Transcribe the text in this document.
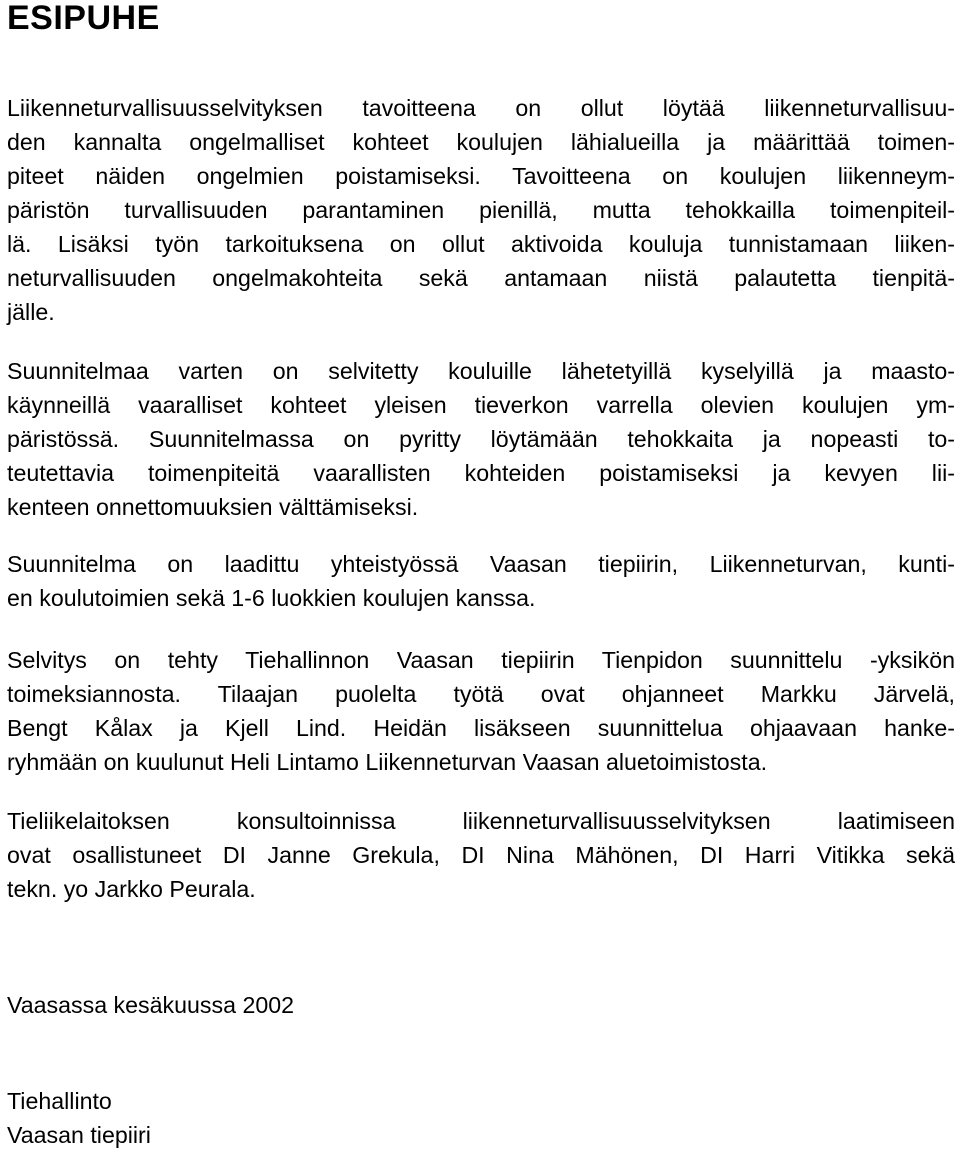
ESIPUHE

Liikenneturvallisuusselvityksen tavoitteena on ollut löytää liikenneturvallisuu-
den kannalta ongelmalliset kohteet koulujen lähialueilla ja määrittää toimen-
piteet näiden ongelmien poistamiseksi. Tavoitteena on koulujen liikenneym-
päristön turvallisuuden parantaminen pienillä, mutta tehokkailla toimenpiteil-
lä. Lisäksi työn tarkoituksena on ollut aktivoida kouluja tunnistamaan liiken-
neturvallisuuden ongelmakohteita sekä antamaan niistä palautetta tienpitä-
jälle.

Suunnitelmaa varten on selvitetty kouluille lähetetyillä kyselyillä ja maasto-
käynneillä vaaralliset kohteet yleisen tieverkon varrella olevien koulujen ym-
päristössä. Suunnitelmassa on pyritty löytämään tehokkaita ja nopeasti to-
teutettavia toimenpiteitä vaarallisten kohteiden poistamiseksi ja kevyen lii-
kenteen onnettomuuksien välttämiseksi.

Suunnitelma on laadittu yhteistyössä Vaasan tiepiirin, Liikenneturvan, kunti-
en koulutoimien sekä 1-6 luokkien koulujen kanssa.

Selvitys on tehty Tiehallinnon Vaasan tiepiirin Tienpidon suunnittelu -yksikön
toimeksiannosta. Tilaajan puolelta työtä ovat ohjanneet Markku Järvelä,
Bengt Kålax ja Kjell Lind. Heidän lisäkseen suunnittelua ohjaavaan hanke-
ryhmään on kuulunut Heli Lintamo Liikenneturvan Vaasan aluetoimistosta.

Tieliikelaitoksen konsultoinnissa liikenneturvallisuusselvityksen laatimiseen
ovat osallistuneet DI Janne Grekula, DI Nina Mähönen, DI Harri Vitikka sekä
tekn. yo Jarkko Peurala.

Vaasassa kesäkuussa 2002

Tiehallinto
Vaasan tiepiiri
